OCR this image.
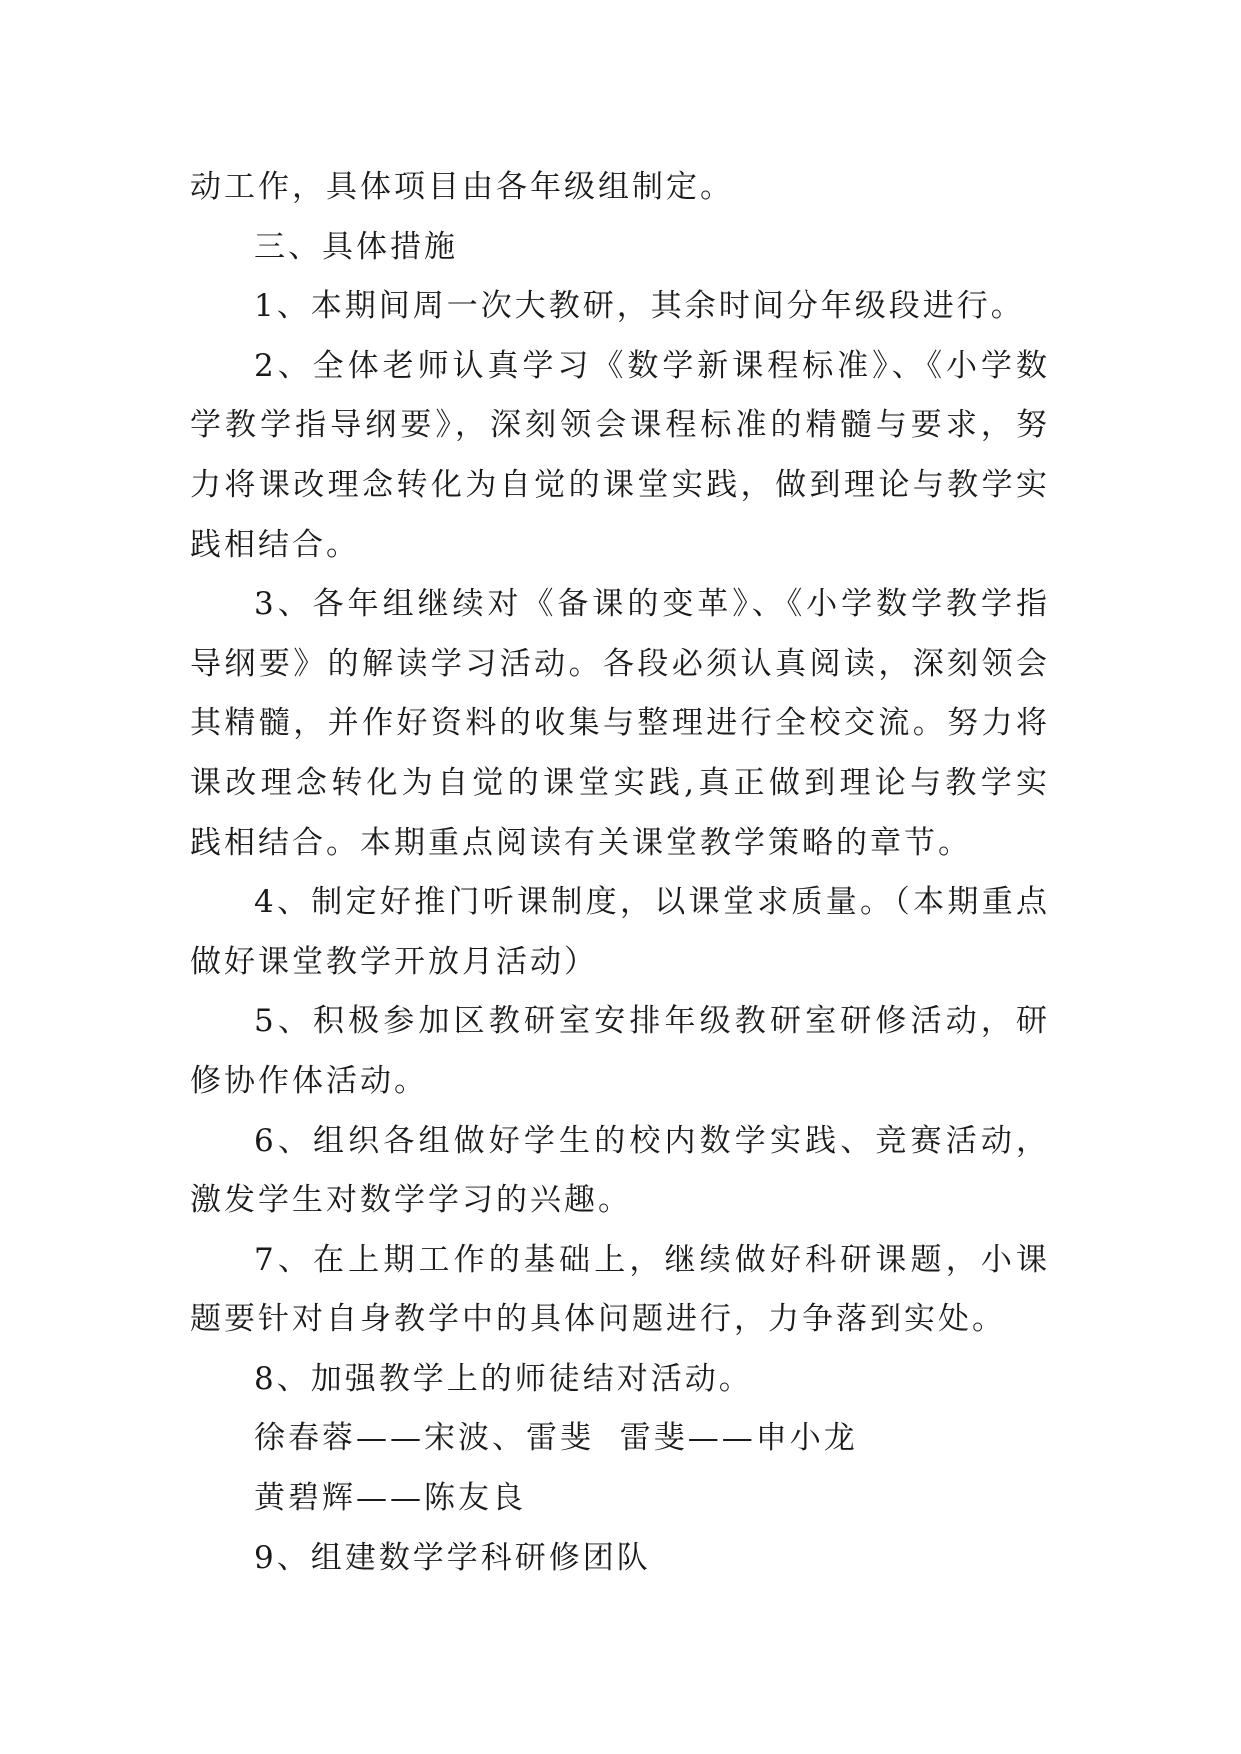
动工作，具体项目由各年级组制定。

三、具体措施

1、本期间周一次大教研，其余时间分年级段进行。

2、全体老师认真学习《数学新课程标准》、《小学数学教学指导纲要》，深刻领会课程标准的精髓与要求，努力将课改理念转化为自觉的课堂实践，做到理论与教学实践相结合。

3、各年组继续对《备课的变革》、《小学数学教学指导纲要》的解读学习活动。各段必须认真阅读，深刻领会其精髓，并作好资料的收集与整理进行全校交流。努力将课改理念转化为自觉的课堂实践,真正做到理论与教学实践相结合。本期重点阅读有关课堂教学策略的章节。

4、制定好推门听课制度，以课堂求质量。（本期重点做好课堂教学开放月活动）

5、积极参加区教研室安排年级教研室研修活动，研修协作体活动。

6、组织各组做好学生的校内数学实践、竞赛活动，激发学生对数学学习的兴趣。

7、在上期工作的基础上，继续做好科研课题，小课题要针对自身教学中的具体问题进行，力争落到实处。

8、加强教学上的师徒结对活动。

徐春蓉——宋波、雷斐  雷斐——申小龙

黄碧辉——陈友良

9、组建数学学科研修团队
